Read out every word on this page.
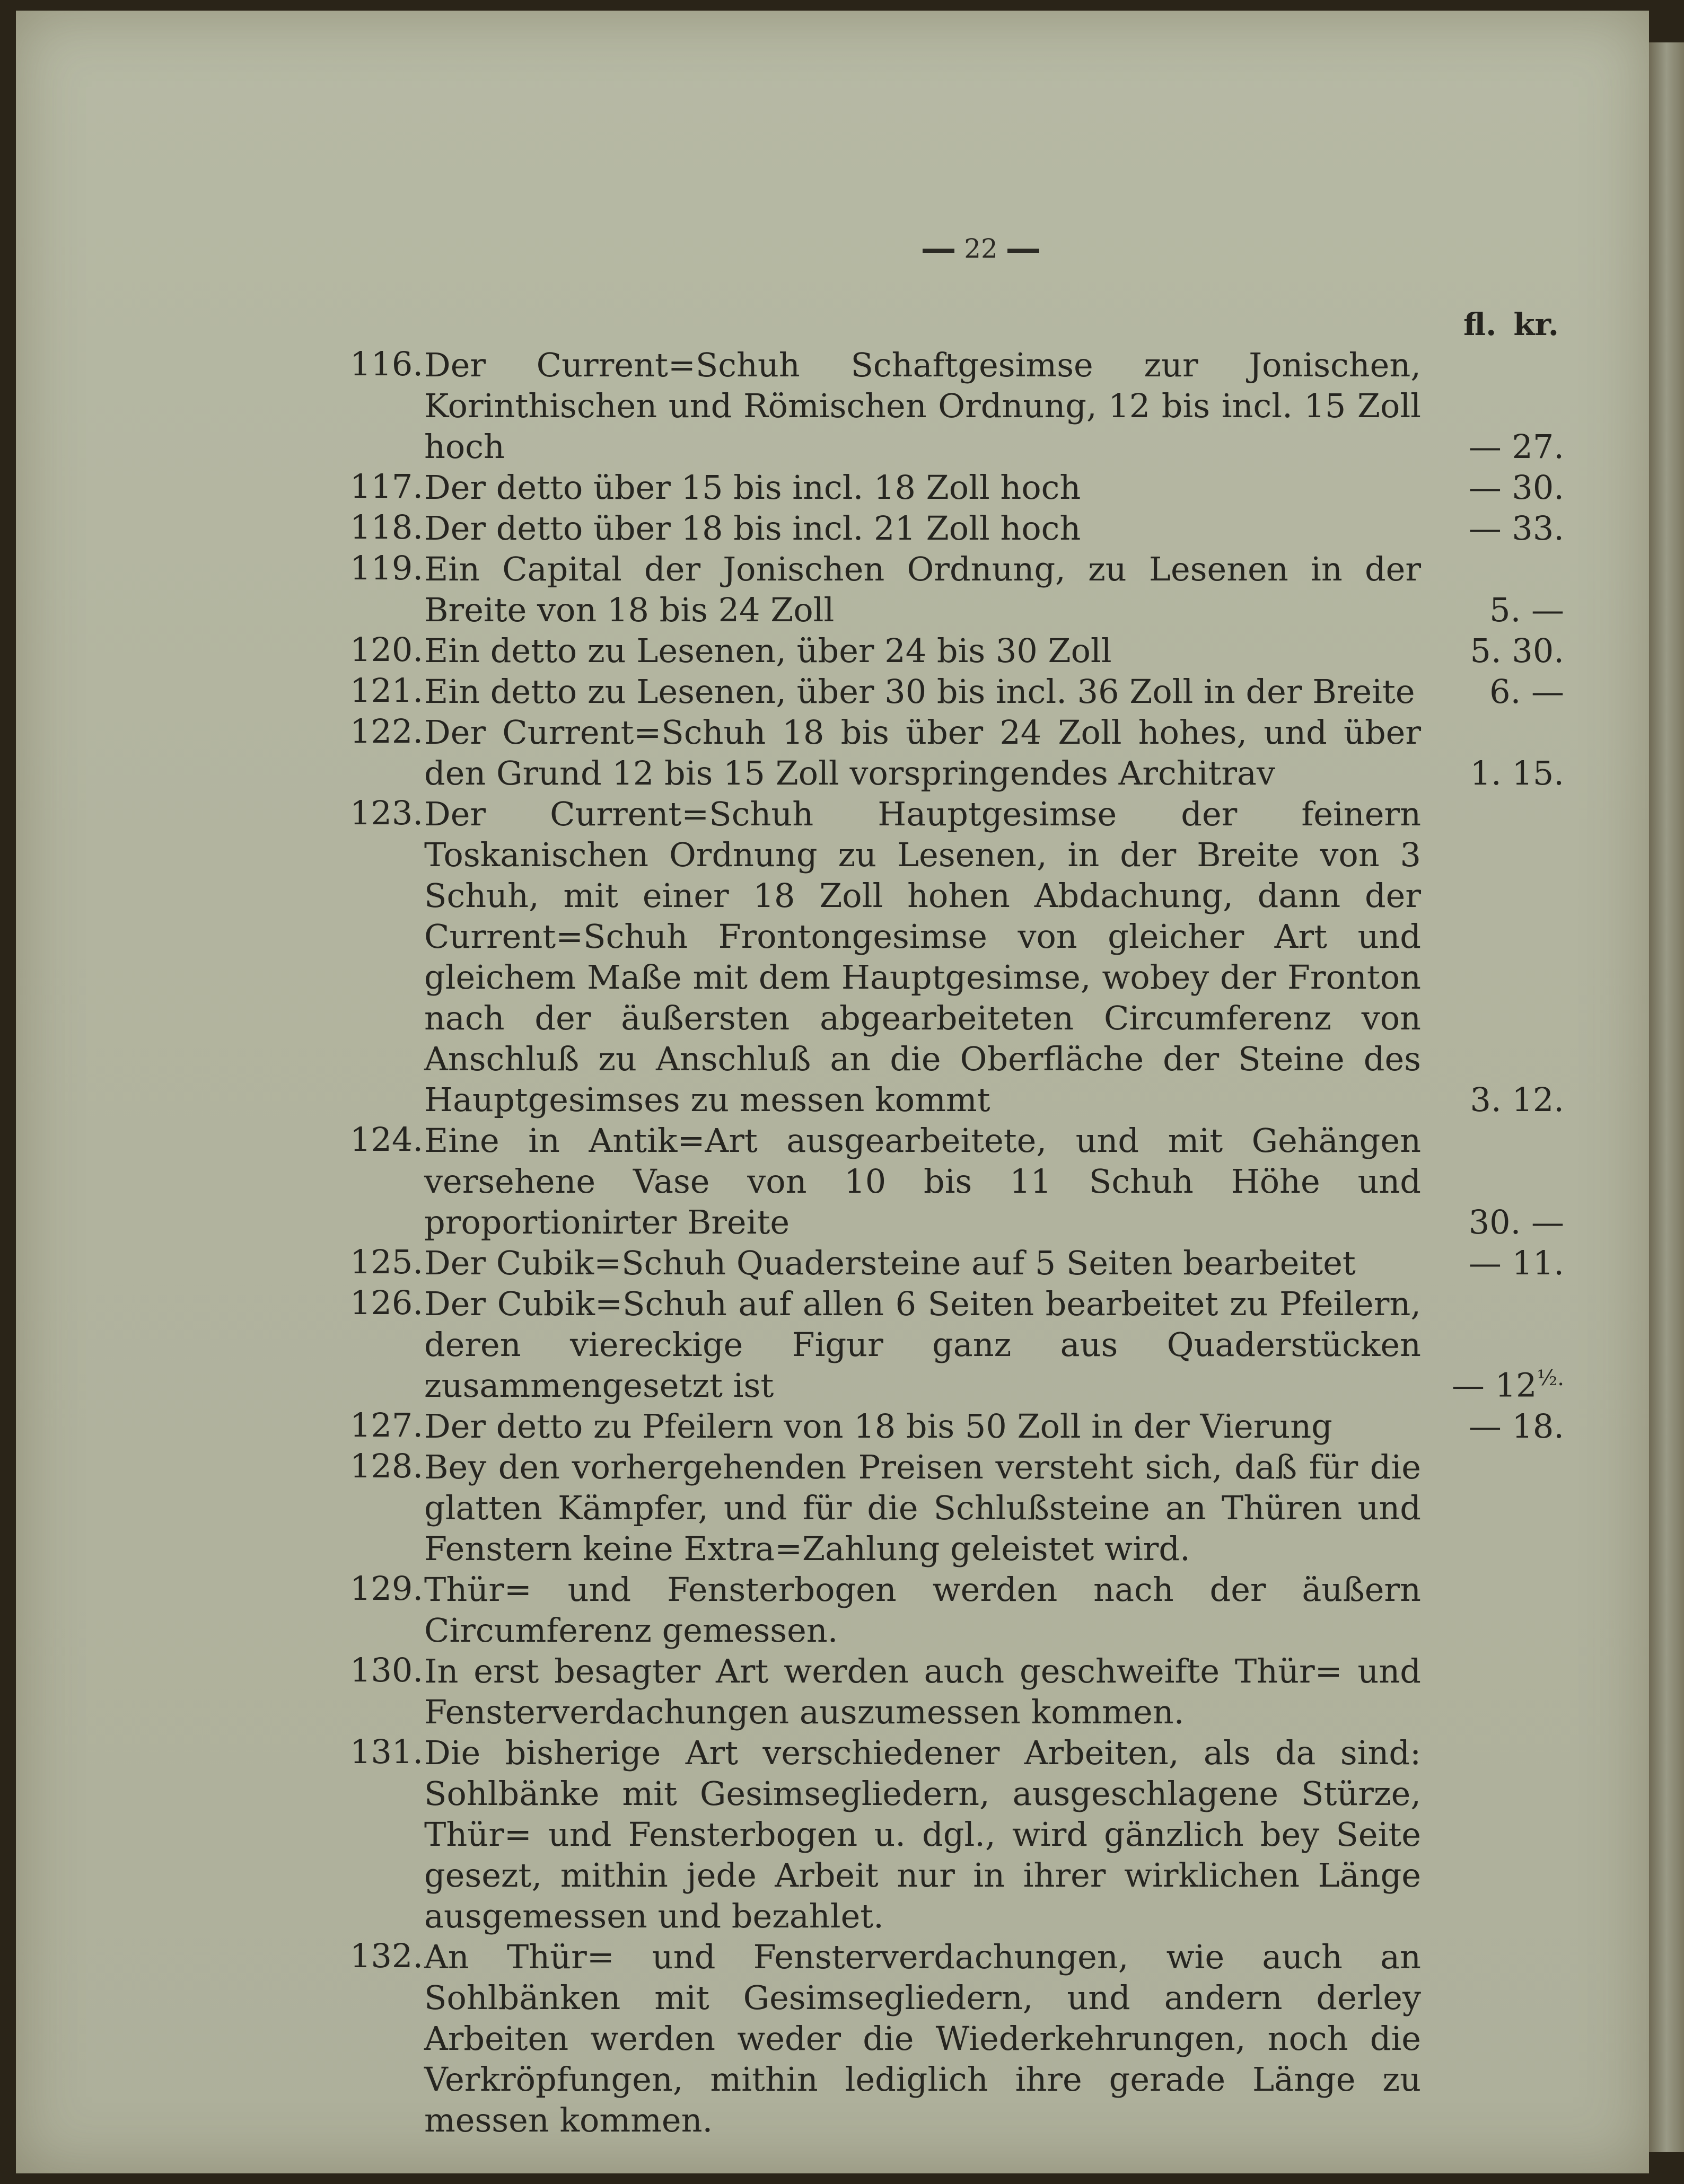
22
fl. kr.
116. Der Current=Schuh Schaftgesimse zur Jonischen, Korinthischen und Römischen Ordnung, 12 bis incl. 15 Zoll hoch	— 27.
117. Der detto über 15 bis incl. 18 Zoll hoch	— 30.
118. Der detto über 18 bis incl. 21 Zoll hoch	— 33.
119. Ein Capital der Jonischen Ordnung, zu Lesenen in der Breite von 18 bis 24 Zoll	5. —
120. Ein detto zu Lesenen, über 24 bis 30 Zoll	5. 30.
121. Ein detto zu Lesenen, über 30 bis incl. 36 Zoll in der Breite	6. —
122. Der Current=Schuh 18 bis über 24 Zoll hohes, und über den Grund 12 bis 15 Zoll vorspringendes Architrav	1. 15.
123. Der Current=Schuh Hauptgesimse der feinern Toskanischen Ordnung zu Lesenen, in der Breite von 3 Schuh, mit einer 18 Zoll hohen Abdachung, dann der Current=Schuh Frontongesimse von gleicher Art und gleichem Maße mit dem Hauptgesimse, wobey der Fronton nach der äußersten abgearbeiteten Circumferenz von Anschluß zu Anschluß an die Oberfläche der Steine des Hauptgesimses zu messen kommt	3. 12.
124. Eine in Antik=Art ausgearbeitete, und mit Gehängen versehene Vase von 10 bis 11 Schuh Höhe und proportionirter Breite	30. —
125. Der Cubik=Schuh Quadersteine auf 5 Seiten bearbeitet	— 11.
126. Der Cubik=Schuh auf allen 6 Seiten bearbeitet zu Pfeilern, deren viereckige Figur ganz aus Quaderstücken zusammengesetzt ist	— $12^{\frac{1}{2}.}$
127. Der detto zu Pfeilern von 18 bis 50 Zoll in der Vierung	— 18.
128. Bey den vorhergehenden Preisen versteht sich, daß für die glatten Kämpfer, und für die Schlußsteine an Thüren und Fenstern keine Extra=Zahlung geleistet wird.
129. Thür= und Fensterbogen werden nach der äußern Circumferenz gemessen.
130. In erst besagter Art werden auch geschweifte Thür= und Fensterverdachungen auszumessen kommen.
131. Die bisherige Art verschiedener Arbeiten, als da sind: Sohlbänke mit Gesimsegliedern, ausgeschlagene Stürze, Thür= und Fensterbogen u. dgl., wird gänzlich bey Seite gesezt, mithin jede Arbeit nur in ihrer wirklichen Länge ausgemessen und bezahlet.
132. An Thür= und Fensterverdachungen, wie auch an Sohlbänken mit Gesimsegliedern, und andern derley Arbeiten werden weder die Wiederkehrungen, noch die Verkröpfungen, mithin lediglich ihre gerade Länge zu messen kommen.
